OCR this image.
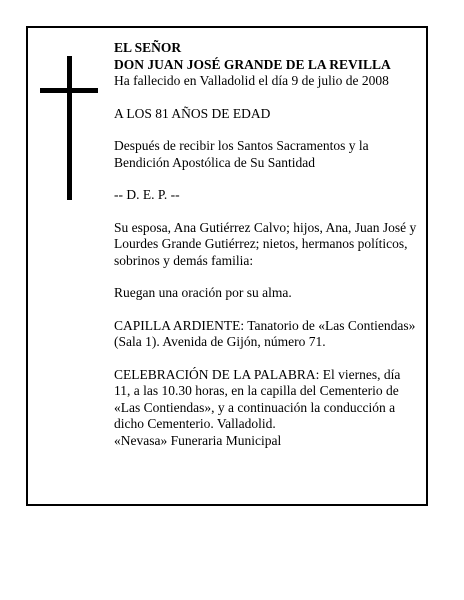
EL SEÑOR
DON JUAN JOSÉ GRANDE DE LA REVILLA
Ha fallecido en Valladolid el día 9 de julio de 2008

A LOS 81 AÑOS DE EDAD

Después de recibir los Santos Sacramentos y la
Bendición Apostólica de Su Santidad

-- D. E. P. --

Su esposa, Ana Gutiérrez Calvo; hijos, Ana, Juan José y
Lourdes Grande Gutiérrez; nietos, hermanos políticos,
sobrinos y demás familia:

Ruegan una oración por su alma.

CAPILLA ARDIENTE: Tanatorio de «Las Contiendas»
(Sala 1). Avenida de Gijón, número 71.

CELEBRACIÓN DE LA PALABRA: El viernes, día
11, a las 10.30 horas, en la capilla del Cementerio de
«Las Contiendas», y a continuación la conducción a
dicho Cementerio. Valladolid.
«Nevasa» Funeraria Municipal
